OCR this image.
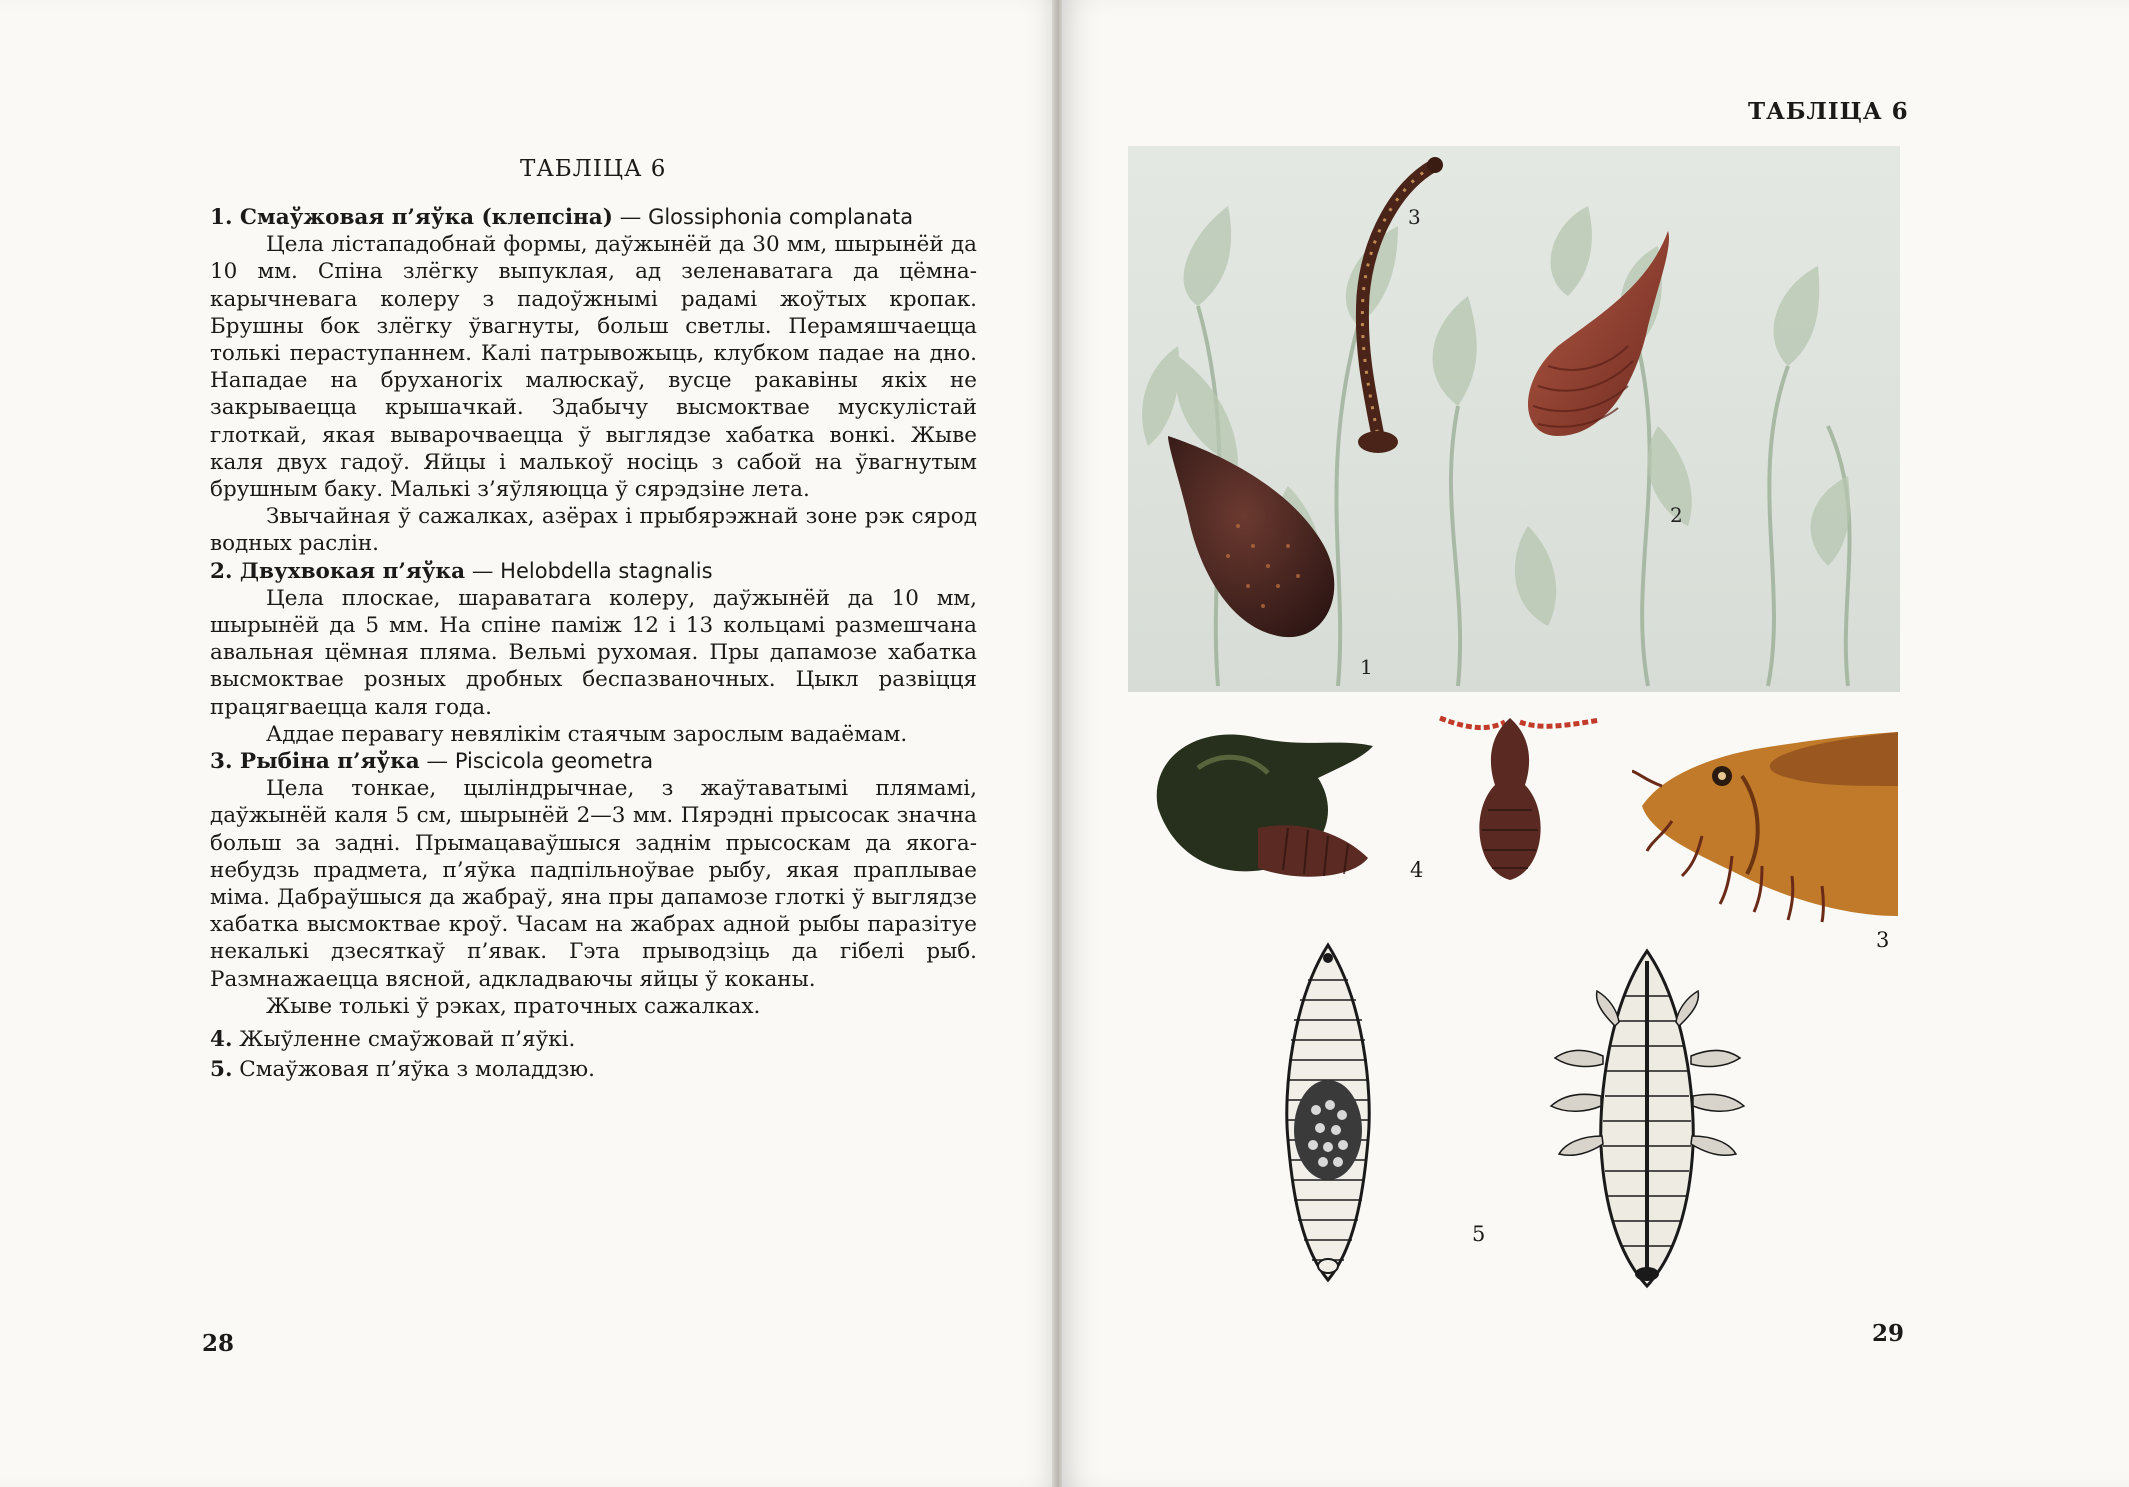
ТАБЛІЦА 6

1. Смаўжовая п’яўка (клепсіна) — Glossiphonia complanata

Цела лістападобнай формы, даўжынёй да 30 мм, шырынёй да 10 мм. Спіна злёгку выпуклая, ад зеленаватага да цёмна-карычневага колеру з падоўжнымі радамі жоўтых кропак. Брушны бок злёгку ўвагнуты, больш светлы. Перамяшчаецца толькі пераступаннем. Калі патрывожыць, клубком падае на дно. Нападае на бруханогіх малюскаў, вусце ракавіны якіх не закрываецца крышачкай. Здабычу высмоктвае мускулістай глоткай, якая выварочваецца ў выглядзе хабатка вонкі. Жыве каля двух гадоў. Яйцы і малькоў носіць з сабой на ўвагнутым брушным баку. Малькі з’яўляюцца ў сярэдзіне лета.

Звычайная ў сажалках, азёрах і прыбярэжнай зоне рэк сярод водных раслін.

2. Двухвокая п’яўка — Helobdella stagnalis

Цела плоскае, шараватага колеру, даўжынёй да 10 мм, шырынёй да 5 мм. На спіне паміж 12 і 13 кольцамі размешчана авальная цёмная пляма. Вельмі рухомая. Пры дапамозе хабатка высмоктвае розных дробных беспазваночных. Цыкл развіцця працягваецца каля года.

Аддае перавагу невялікім стаячым зарослым вадаёмам.

3. Рыбіна п’яўка — Piscicola geometra

Цела тонкае, цыліндрычнае, з жаўтаватымі плямамі, даўжынёй каля 5 см, шырынёй 2—3 мм. Пярэдні прысосак значна больш за задні. Прымацаваўшыся заднім прысоскам да якога-небудзь прадмета, п’яўка падпільноўвае рыбу, якая праплывае міма. Дабраўшыся да жабраў, яна пры дапамозе глоткі ў выглядзе хабатка высмоктвае кроў. Часам на жабрах адной рыбы паразітуе некалькі дзесяткаў п’явак. Гэта прыводзіць да гібелі рыб. Размнажаецца вясной, адкладваючы яйцы ў коканы.

Жыве толькі ў рэках, праточных сажалках.

4. Жыўленне смаўжовай п’яўкі.

5. Смаўжовая п’яўка з моладдзю.

28
ТАБЛІЦА 6
3
2
1
4
3
5
29
